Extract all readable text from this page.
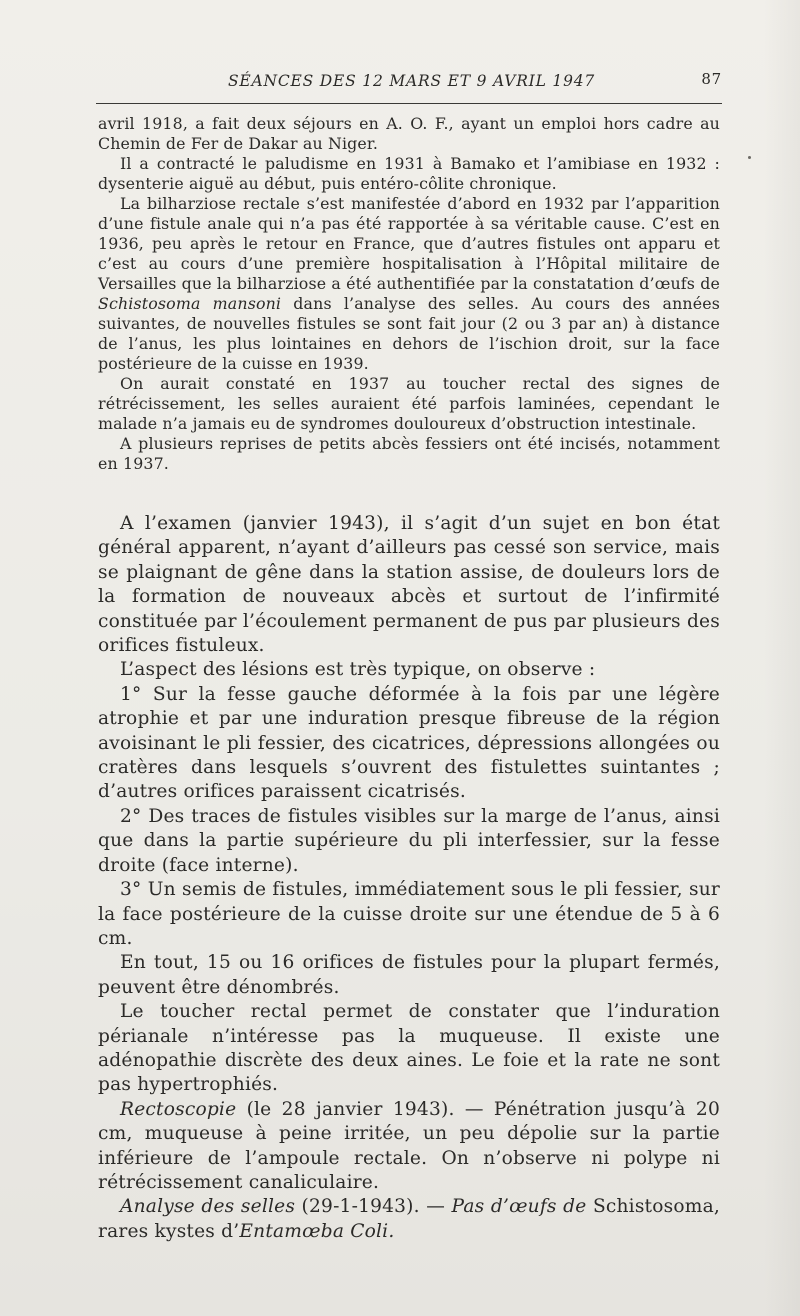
SÉANCES DES 12 MARS ET 9 AVRIL 1947	87

avril 1918, a fait deux séjours en A. O. F., ayant un emploi hors cadre au Chemin de Fer de Dakar au Niger.

Il a contracté le paludisme en 1931 à Bamako et l’amibiase en 1932 : dysenterie aiguë au début, puis entéro-côlite chronique.

La bilharziose rectale s’est manifestée d’abord en 1932 par l’apparition d’une fistule anale qui n’a pas été rapportée à sa véritable cause. C’est en 1936, peu après le retour en France, que d’autres fistules ont apparu et c’est au cours d’une première hospitalisation à l’Hôpital militaire de Versailles que la bilharziose a été authentifiée par la constatation d’œufs de Schistosoma mansoni dans l’analyse des selles. Au cours des années suivantes, de nouvelles fistules se sont fait jour (2 ou 3 par an) à distance de l’anus, les plus lointaines en dehors de l’ischion droit, sur la face postérieure de la cuisse en 1939.

On aurait constaté en 1937 au toucher rectal des signes de rétrécissement, les selles auraient été parfois laminées, cependant le malade n’a jamais eu de syndromes douloureux d’obstruction intestinale.

A plusieurs reprises de petits abcès fessiers ont été incisés, notamment en 1937.

A l’examen (janvier 1943), il s’agit d’un sujet en bon état général apparent, n’ayant d’ailleurs pas cessé son service, mais se plaignant de gêne dans la station assise, de douleurs lors de la formation de nouveaux abcès et surtout de l’infirmité constituée par l’écoulement permanent de pus par plusieurs des orifices fistuleux.

L’aspect des lésions est très typique, on observe :

1° Sur la fesse gauche déformée à la fois par une légère atrophie et par une induration presque fibreuse de la région avoisinant le pli fessier, des cicatrices, dépressions allongées ou cratères dans lesquels s’ouvrent des fistulettes suintantes ; d’autres orifices paraissent cicatrisés.

2° Des traces de fistules visibles sur la marge de l’anus, ainsi que dans la partie supérieure du pli interfessier, sur la fesse droite (face interne).

3° Un semis de fistules, immédiatement sous le pli fessier, sur la face postérieure de la cuisse droite sur une étendue de 5 à 6 cm.

En tout, 15 ou 16 orifices de fistules pour la plupart fermés, peuvent être dénombrés.

Le toucher rectal permet de constater que l’induration périanale n’intéresse pas la muqueuse. Il existe une adénopathie discrète des deux aines. Le foie et la rate ne sont pas hypertrophiés.

Rectoscopie (le 28 janvier 1943). — Pénétration jusqu’à 20 cm, muqueuse à peine irritée, un peu dépolie sur la partie inférieure de l’ampoule rectale. On n’observe ni polype ni rétrécissement canaliculaire.

Analyse des selles (29-1-1943). — Pas d’œufs de Schistosoma, rares kystes d’Entamœba Coli.
